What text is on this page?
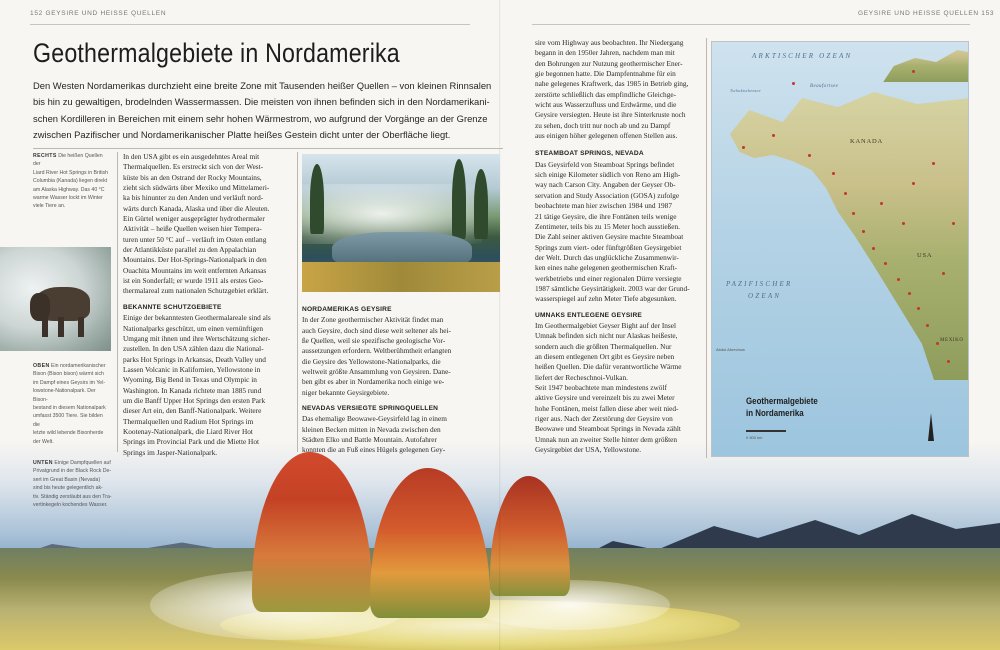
152 GEYSIRE UND HEISSE QUELLEN	GEYSIRE UND HEISSE QUELLEN 153
Geothermalgebiete in Nordamerika
Den Westen Nordamerikas durchzieht eine breite Zone mit Tausenden heißer Quellen – von kleinen Rinnsalen
bis hin zu gewaltigen, brodelnden Wassermassen. Die meisten von ihnen befinden sich in den Nordamerikani-
schen Kordilleren in Bereichen mit einem sehr hohen Wärmestrom, wo aufgrund der Vorgänge an der Grenze
zwischen Pazifischer und Nordamerikanischer Platte heißes Gestein dicht unter der Oberfläche liegt.
RECHTS Die heißen Quellen der
Liard River Hot Springs in British
Columbia (Kanada) liegen direkt
am Alaska Highway. Das 40 °C
warme Wasser lockt im Winter
viele Tiere an.
OBEN Ein nordamerikanischer
Bison (Bison bison) wärmt sich
im Dampf eines Geysirs im Yel-
lowstone-Nationalpark. Der Bison-
bestand in diesem Nationalpark
umfasst 3500 Tiere. Sie bilden die
letzte wild lebende Bisonherde
der Welt.
UNTEN Einige Dampfquellen auf
Privatgrund in der Black Rock De-
sert im Great Basin (Nevada)
sind bis heute gelegentlich ak-
tiv. Ständig zerstäubt aus den Tra-
vertinkegeln kochendes Wasser.
In den USA gibt es ein ausgedehntes Areal mit
Thermalquellen. Es erstreckt sich von der West-
küste bis an den Ostrand der Rocky Mountains,
zieht sich südwärts über Mexiko und Mittelameri-
ka bis hinunter zu den Anden und verläuft nord-
wärts durch Kanada, Alaska und über die Aleuten.
Ein Gürtel weniger ausgeprägter hydrothermaler
Aktivität – heiße Quellen weisen hier Tempera-
turen unter 50 °C auf – verläuft im Osten entlang
der Atlantikküste parallel zu den Appalachian
Mountains. Der Hot-Springs-Nationalpark in den
Ouachita Mountains im weit entfernten Arkansas
ist ein Sonderfall; er wurde 1911 als erstes Geo-
thermalareal zum nationalen Schutzgebiet erklärt.
BEKANNTE SCHUTZGEBIETE
Einige der bekanntesten Geothermalareale sind als
Nationalparks geschützt, um einen vernünftigen
Umgang mit ihnen und ihre Wertschätzung sicher-
zustellen. In den USA zählen dazu die National-
parks Hot Springs in Arkansas, Death Valley und
Lassen Volcanic in Kalifornien, Yellowstone in
Wyoming, Big Bend in Texas und Olympic in
Washington. In Kanada richtete man 1885 rund
um die Banff Upper Hot Springs den ersten Park
dieser Art ein, den Banff-Nationalpark. Weitere
Thermalquellen und Radium Hot Springs im
Kootenay-Nationalpark, die Liard River Hot
Springs im Provincial Park und die Miette Hot
Springs im Jasper-Nationalpark.
NORDAMERIKAS GEYSIRE
In der Zone geothermischer Aktivität findet man
auch Geysire, doch sind diese weit seltener als hei-
ße Quellen, weil sie spezifische geologische Vor-
aussetzungen erfordern. Weltberühmtheit erlangten
die Geysire des Yellowstone-Nationalparks, die
weltweit größte Ansammlung von Geysiren. Danе-
ben gibt es aber in Nordamerika noch einige we-
niger bekannte Geysirgebiete.
NEVADAS VERSIEGTE SPRINGQUELLEN
Das ehemalige Beowawe-Geysirfeld lag in einem
kleinen Becken mitten in Nevada zwischen den
Städten Elko und Battle Mountain. Autofahrer
konnten die an Fuß eines Hügels gelegenen Gey-
sire vom Highway aus beobachten. Ihr Niedergang
begann in den 1950er Jahren, nachdem man mit
den Bohrungen zur Nutzung geothermischer Ener-
gie begonnen hatte. Die Dampfentnahme für ein
nahe gelegenes Kraftwerk, das 1985 in Betrieb ging,
zerstörte schließlich das empfindliche Gleichge-
wicht aus Wasserzufluss und Erdwärme, und die
Geysire versiegten. Heute ist ihre Sinterkruste noch
zu sehen, doch tritt nur noch ab und zu Dampf
aus einigen höher gelegenen offenen Stellen aus.
STEAMBOAT SPRINGS, NEVADA
Das Geysirfeld von Steamboat Springs befindet
sich einige Kilometer südlich von Reno am High-
way nach Carson City. Angaben der Geyser Ob-
servation and Study Association (GOSA) zufolge
beobachtete man hier zwischen 1984 und 1987
21 tätige Geysire, die ihre Fontänen teils wenige
Zentimeter, teils bis zu 15 Meter hoch ausstießen.
Die Zahl seiner aktiven Geysire machte Steamboat
Springs zum viert- oder fünftgrößten Geysirgebiet
der Welt. Durch das unglückliche Zusammenwir-
ken eines nahe gelegenen geothermischen Kraft-
werkbetriebs und einer regionalen Dürre versiegte
1987 sämtliche Geysirtätigkeit. 2003 war der Grund-
wasserspiegel auf zehn Meter Tiefe abgesunken.
UMNAKS ENTLEGENE GEYSIRE
Im Geothermalgebiet Geyser Bight auf der Insel
Umnak befinden sich nicht nur Alaskas heißeste,
sondern auch die größten Thermalquellen. Nur
an diesem entlegenen Ort gibt es Geysire neben
heißen Quellen. Die dafür verantwortliche Wärme
liefert der Recheschnoi-Vulkan.
Seit 1947 beobachtete man mindestens zwölf
aktive Geysire und vereinzelt bis zu zwei Meter
hohe Fontänen, meist fallen diese aber weit nied-
riger aus. Nach der Zerstörung der Geysire von
Beowawe und Steamboat Springs in Nevada zählt
Umnak nun an zweiter Stelle hinter dem größten
Geysirgebiet der USA, Yellowstone.
ARKTISCHER OZEAN
Beaufortsee
Tschuktschensee
KANADA
USA
MEXIKO
PAZIFISCHER
OZEAN
Abdul Abrechow
Geothermalgebiete
in Nordamerika
0 500 km
